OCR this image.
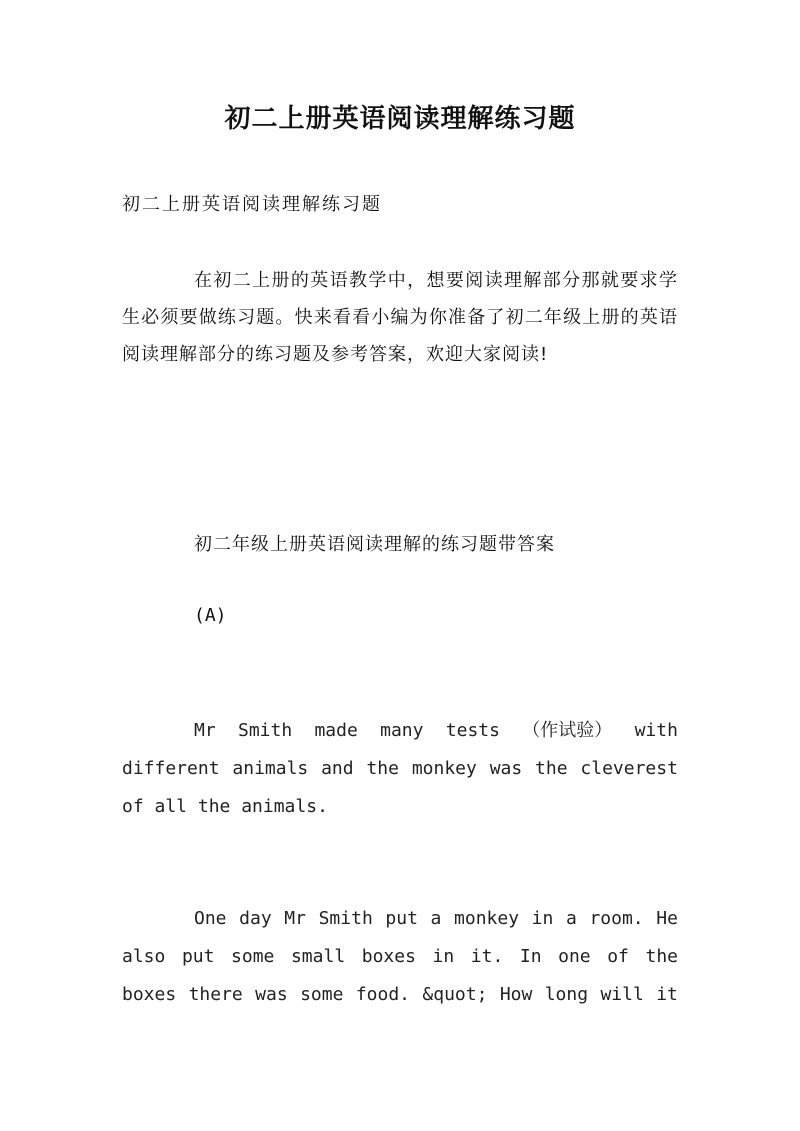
初二上册英语阅读理解练习题
初二上册英语阅读理解练习题
在初二上册的英语教学中，想要阅读理解部分那就要求学生必须要做练习题。快来看看小编为你准备了初二年级上册的英语阅读理解部分的练习题及参考答案，欢迎大家阅读!
初二年级上册英语阅读理解的练习题带答案
(A)
Mr Smith made many tests （作试验） with
different animals and the monkey was the cleverest
of all the animals.
One day Mr Smith put a monkey in a room. He
also put some small boxes in it. In one of the
boxes there was some food. &quot; How long will it
